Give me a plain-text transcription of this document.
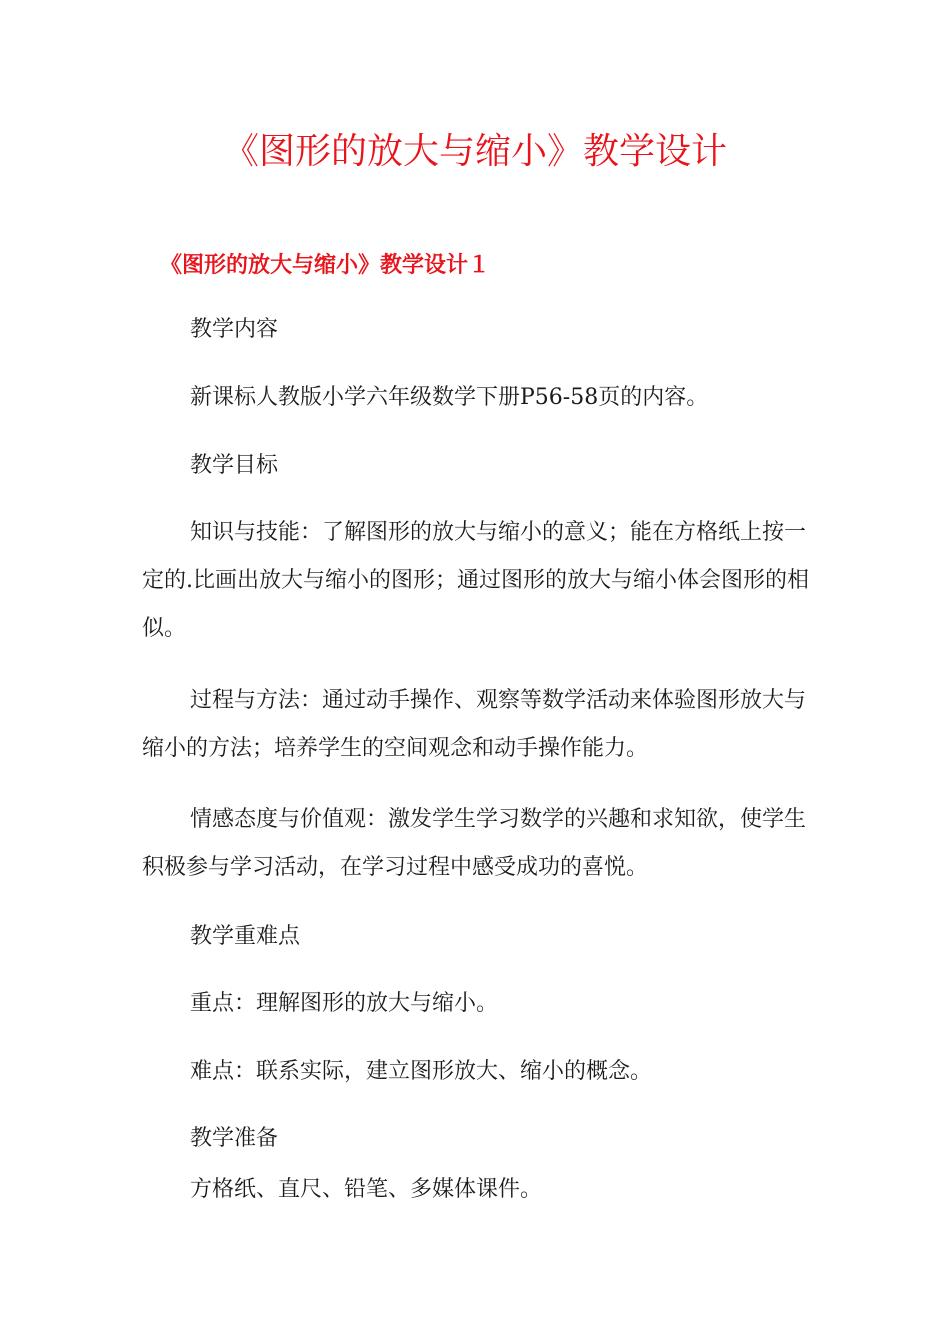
《图形的放大与缩小》教学设计
《图形的放大与缩小》教学设计１
教学内容
新课标人教版小学六年级数学下册P56-58页的内容。
教学目标
知识与技能：了解图形的放大与缩小的意义；能在方格纸上按一定的.比画出放大与缩小的图形；通过图形的放大与缩小体会图形的相似。
过程与方法：通过动手操作、观察等数学活动来体验图形放大与缩小的方法；培养学生的空间观念和动手操作能力。
情感态度与价值观：激发学生学习数学的兴趣和求知欲，使学生积极参与学习活动，在学习过程中感受成功的喜悦。
教学重难点
重点：理解图形的放大与缩小。
难点：联系实际，建立图形放大、缩小的概念。
教学准备
方格纸、直尺、铅笔、多媒体课件。
